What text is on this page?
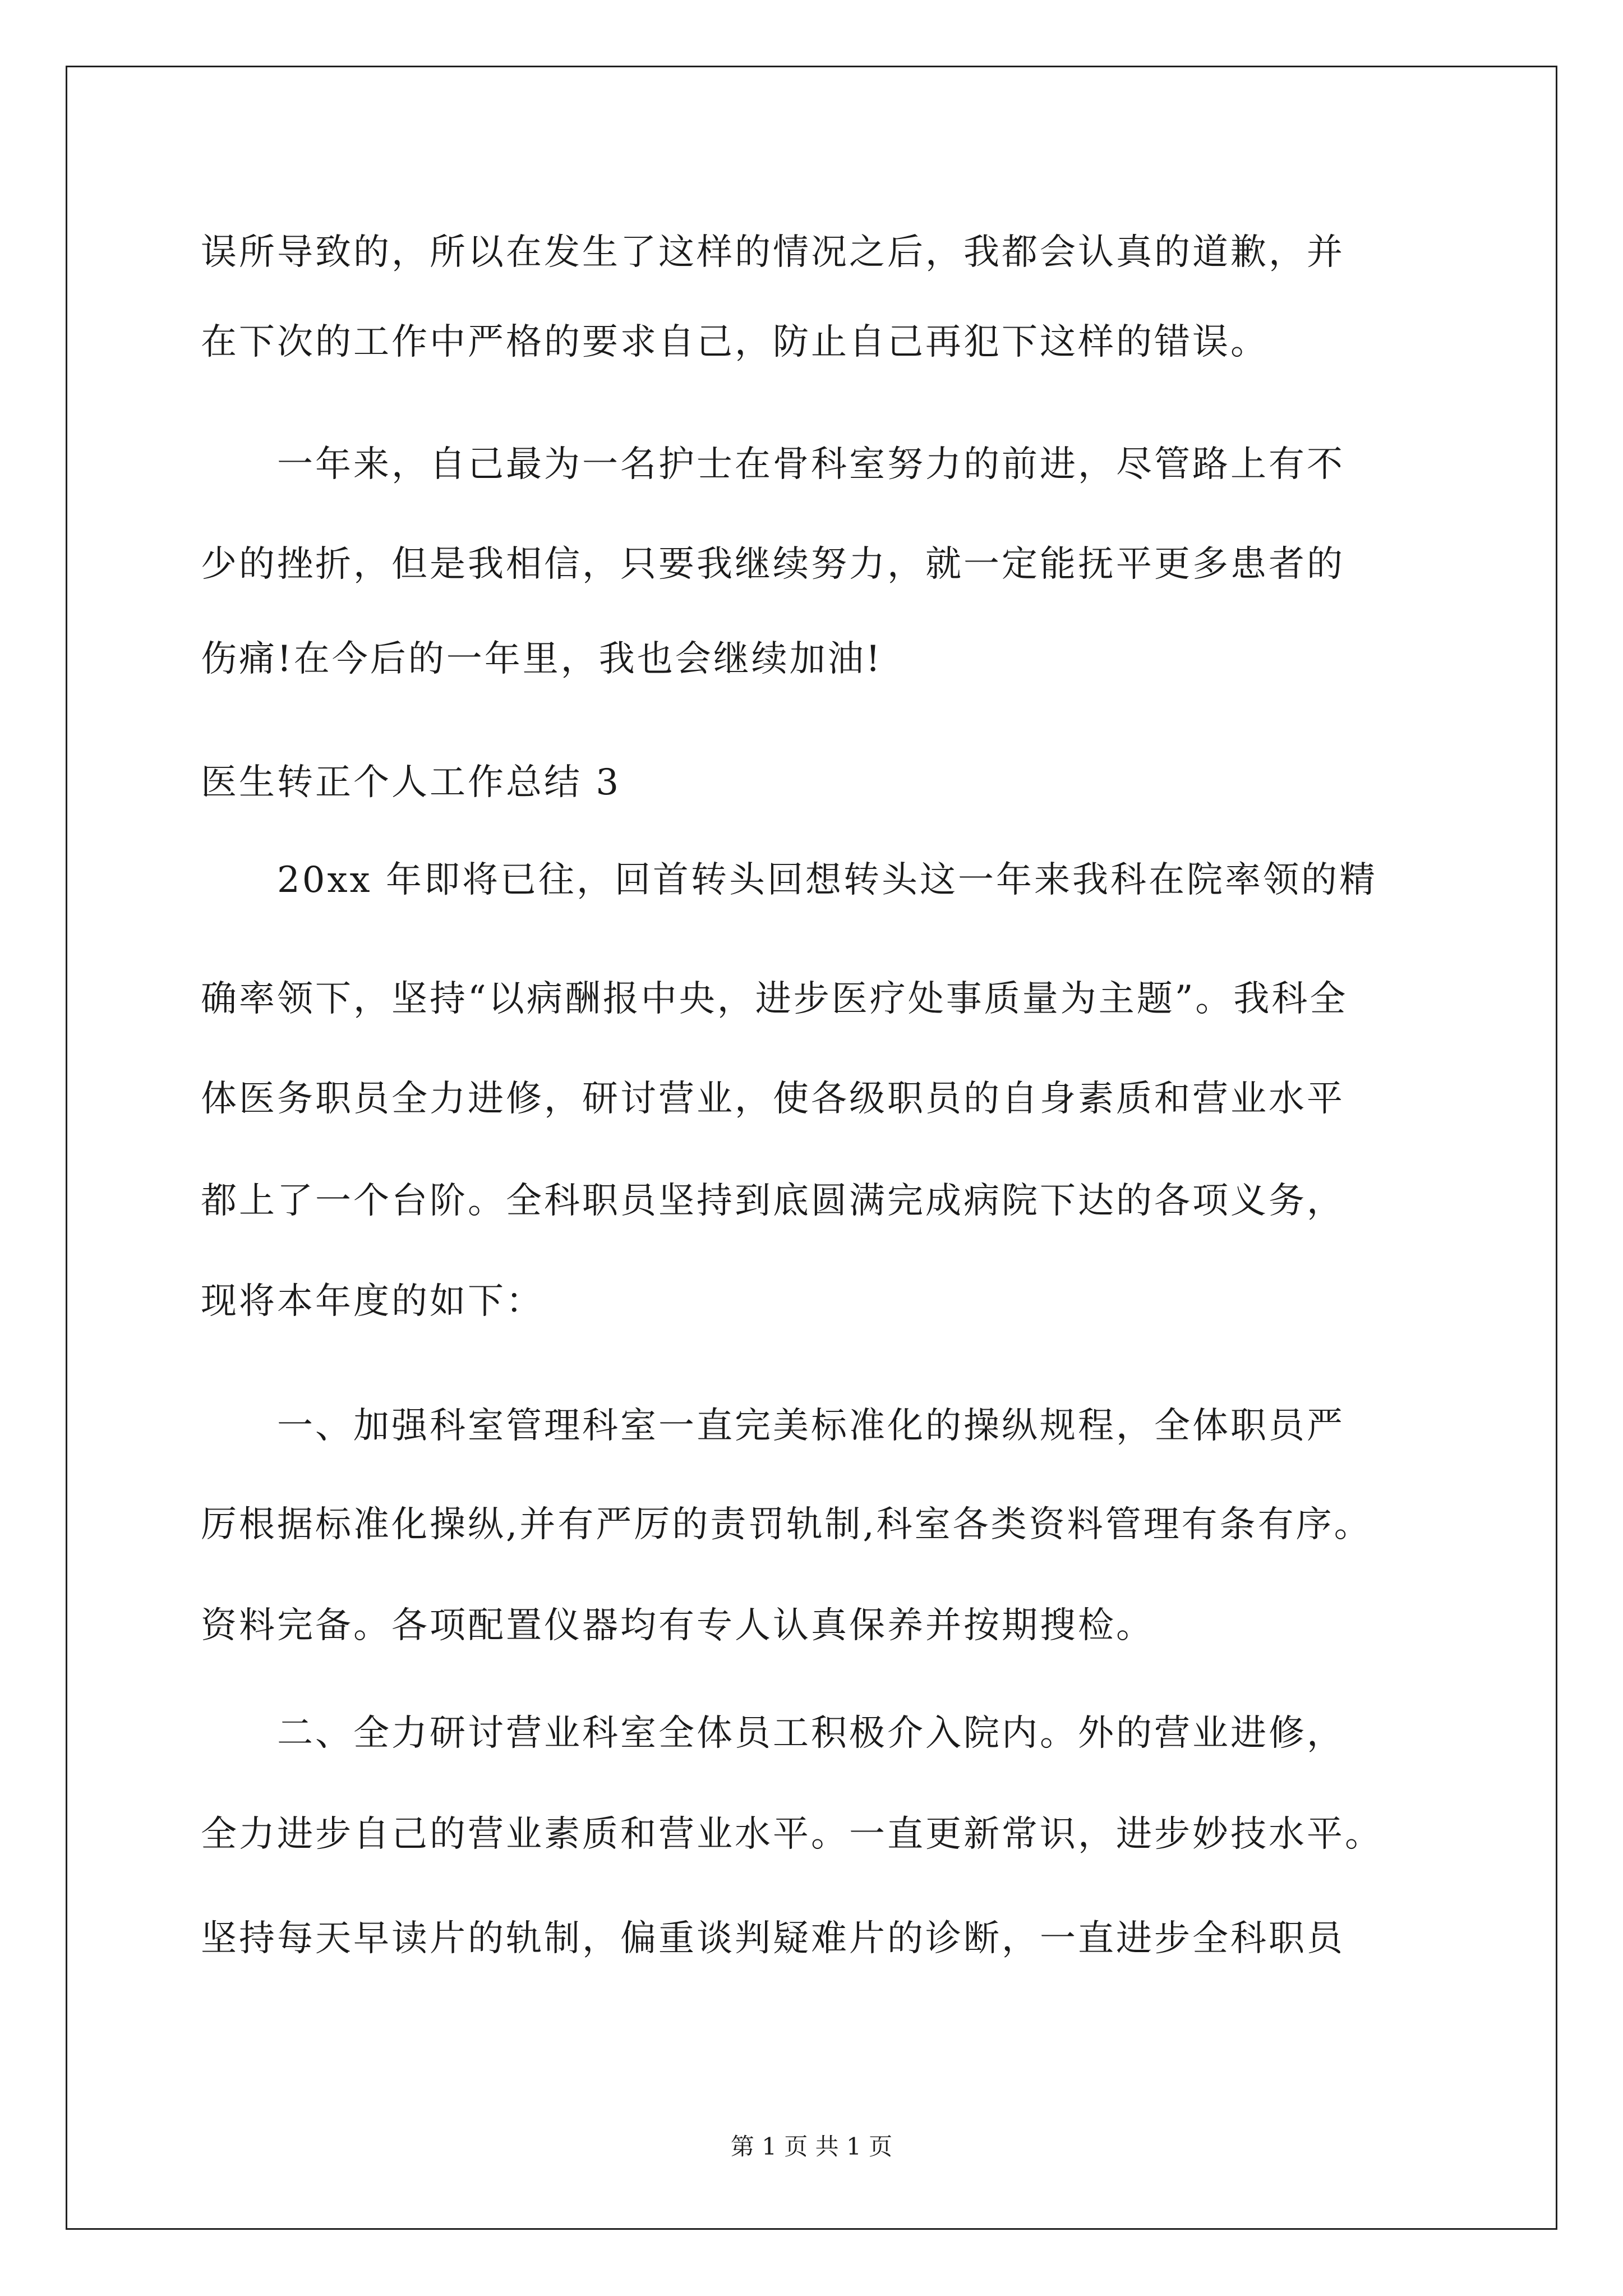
误所导致的，所以在发生了这样的情况之后，我都会认真的道歉，并
在下次的工作中严格的要求自己，防止自己再犯下这样的错误。
一年来，自己最为一名护士在骨科室努力的前进，尽管路上有不
少的挫折，但是我相信，只要我继续努力，就一定能抚平更多患者的
伤痛!在今后的一年里，我也会继续加油!
医生转正个人工作总结 3
20xx 年即将已往，回首转头回想转头这一年来我科在院率领的精
确率领下，坚持“以病酬报中央，进步医疗处事质量为主题”。我科全
体医务职员全力进修，研讨营业，使各级职员的自身素质和营业水平
都上了一个台阶。全科职员坚持到底圆满完成病院下达的各项义务，
现将本年度的如下：
一、加强科室管理科室一直完美标准化的操纵规程，全体职员严
厉根据标准化操纵,并有严厉的责罚轨制,科室各类资料管理有条有序。
资料完备。各项配置仪器均有专人认真保养并按期搜检。
二、全力研讨营业科室全体员工积极介入院内。外的营业进修，
全力进步自己的营业素质和营业水平。一直更新常识，进步妙技水平。
坚持每天早读片的轨制，偏重谈判疑难片的诊断，一直进步全科职员
第 1 页 共 1 页
